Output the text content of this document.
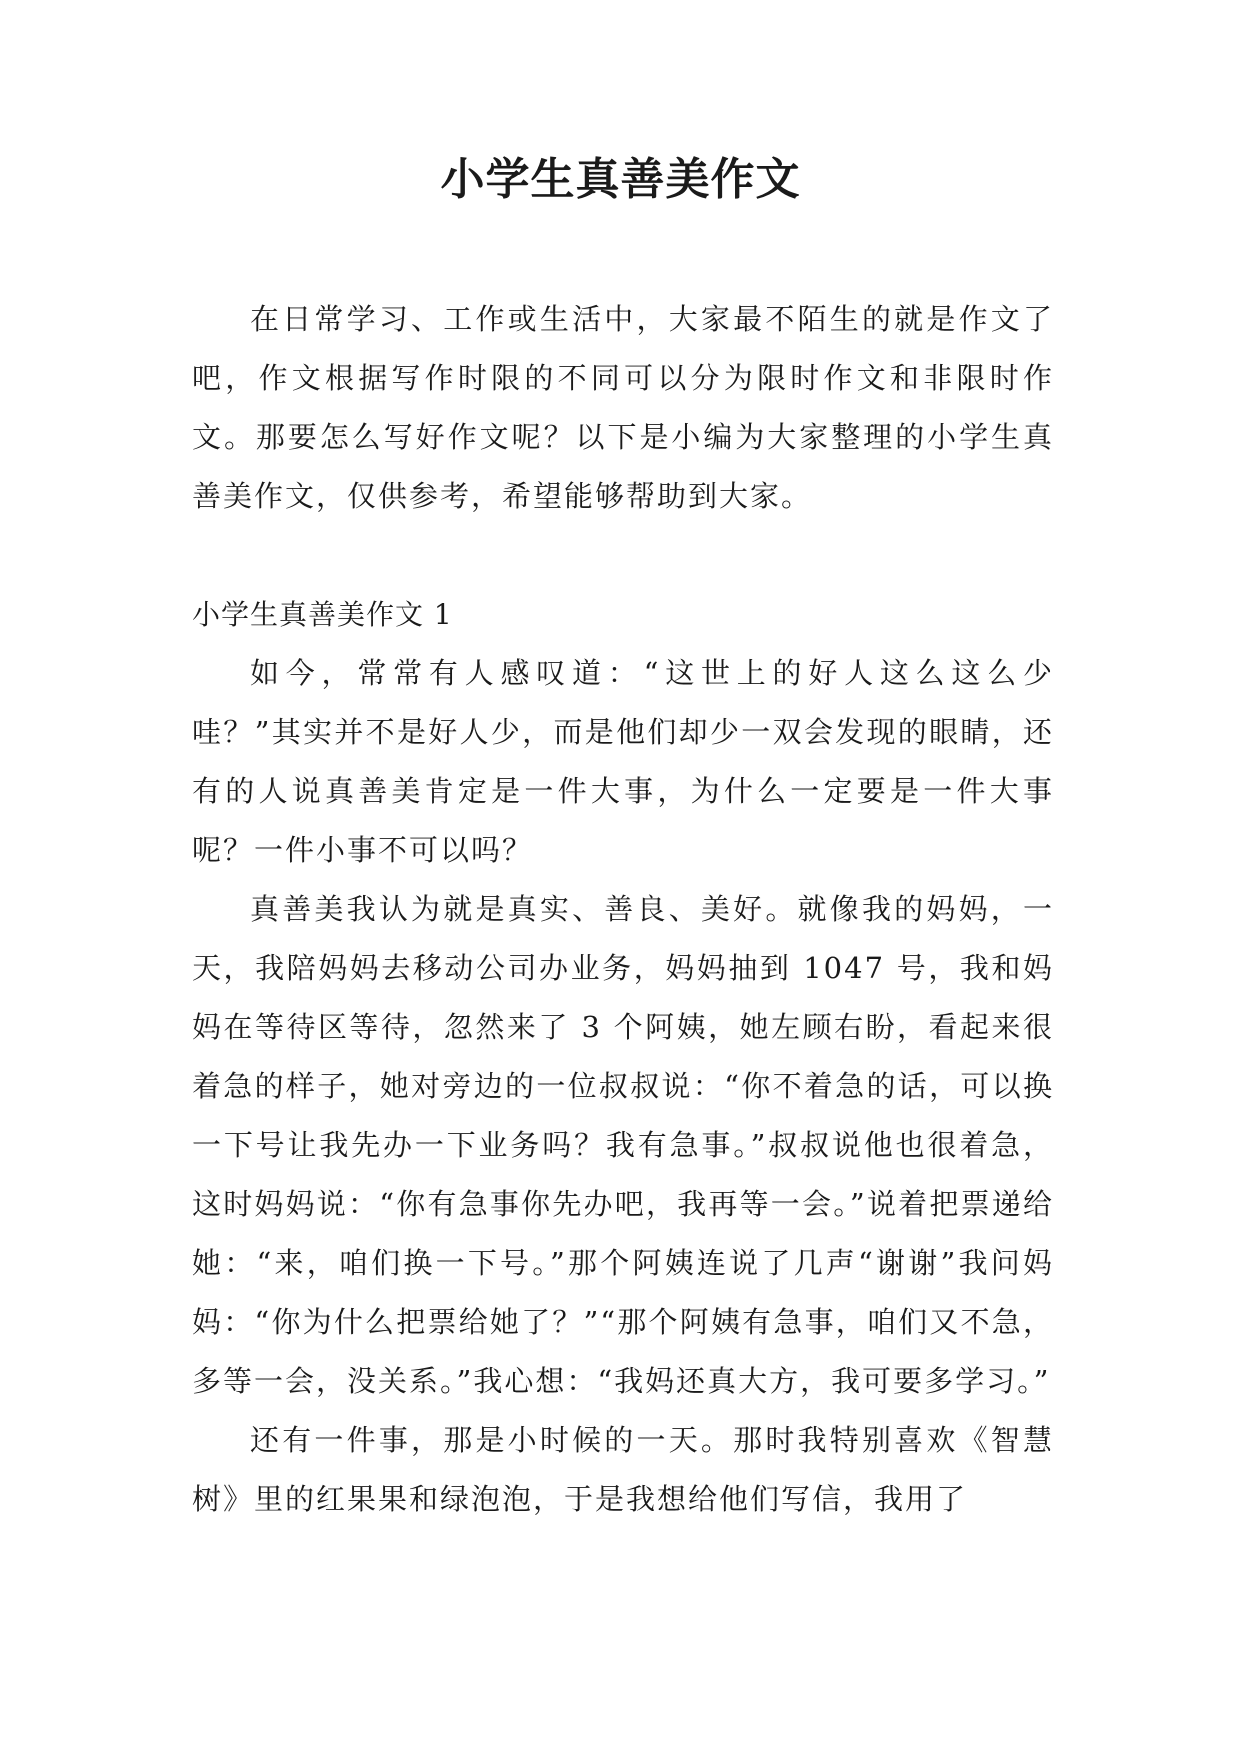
小学生真善美作文

在日常学习、工作或生活中，大家最不陌生的就是作文了吧，作文根据写作时限的不同可以分为限时作文和非限时作文。那要怎么写好作文呢？以下是小编为大家整理的小学生真善美作文，仅供参考，希望能够帮助到大家。

小学生真善美作文 1

如今，常常有人感叹道：“这世上的好人这么这么少哇？”其实并不是好人少，而是他们却少一双会发现的眼睛，还有的人说真善美肯定是一件大事，为什么一定要是一件大事呢？一件小事不可以吗？

真善美我认为就是真实、善良、美好。就像我的妈妈，一天，我陪妈妈去移动公司办业务，妈妈抽到 1047 号，我和妈妈在等待区等待，忽然来了 3 个阿姨，她左顾右盼，看起来很着急的样子，她对旁边的一位叔叔说：“你不着急的话，可以换一下号让我先办一下业务吗？我有急事。”叔叔说他也很着急，这时妈妈说：“你有急事你先办吧，我再等一会。”说着把票递给她：“来，咱们换一下号。”那个阿姨连说了几声“谢谢”我问妈妈：“你为什么把票给她了？”“那个阿姨有急事，咱们又不急，多等一会，没关系。”我心想：“我妈还真大方，我可要多学习。”

还有一件事，那是小时候的一天。那时我特别喜欢《智慧树》里的红果果和绿泡泡，于是我想给他们写信，我用了
